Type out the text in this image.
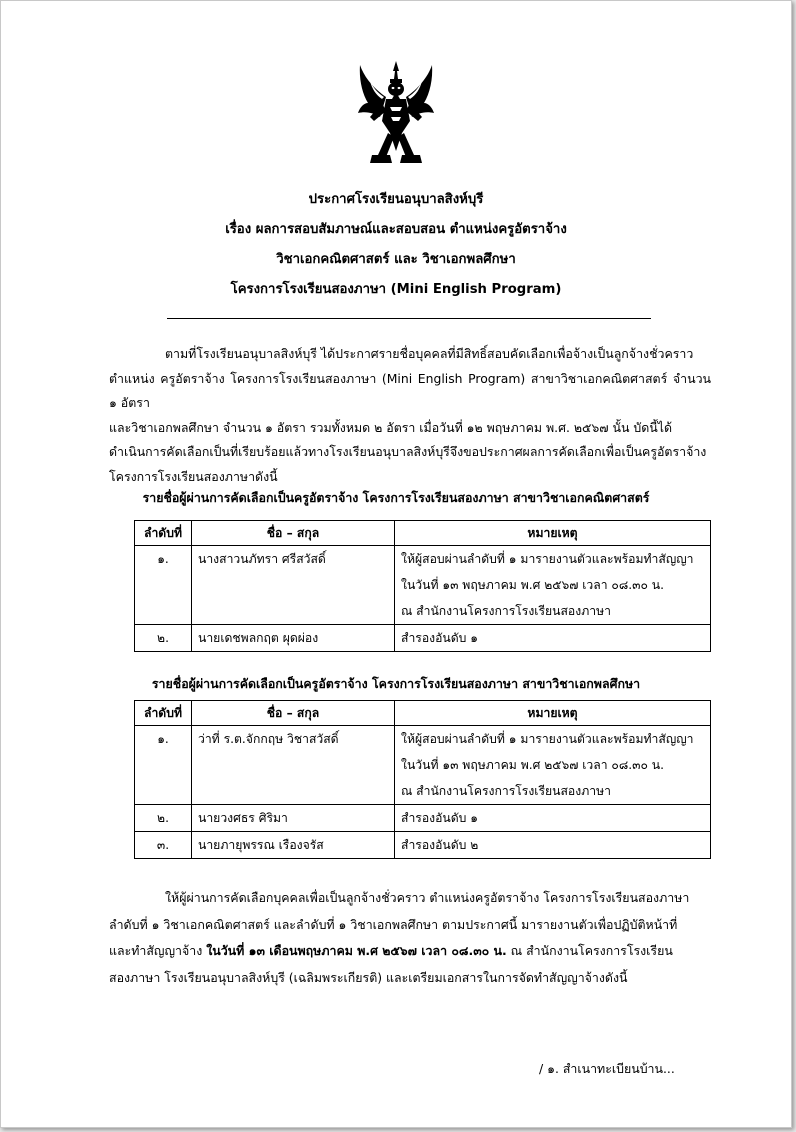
ประกาศโรงเรียนอนุบาลสิงห์บุรี
เรื่อง ผลการสอบสัมภาษณ์และสอบสอน ตำแหน่งครูอัตราจ้าง
วิชาเอกคณิตศาสตร์ และ วิชาเอกพลศึกษา
โครงการโรงเรียนสองภาษา (Mini English Program)
ตามที่โรงเรียนอนุบาลสิงห์บุรี ได้ประกาศรายชื่อบุคคลที่มีสิทธิ์สอบคัดเลือกเพื่อจ้างเป็นลูกจ้างชั่วคราว
ตำแหน่ง ครูอัตราจ้าง โครงการโรงเรียนสองภาษา (Mini English Program) สาขาวิชาเอกคณิตศาสตร์ จำนวน ๑ อัตรา
และวิชาเอกพลศึกษา จำนวน ๑ อัตรา รวมทั้งหมด ๒ อัตรา เมื่อวันที่ ๑๒ พฤษภาคม พ.ศ. ๒๕๖๗ นั้น บัดนี้ได้
ดำเนินการคัดเลือกเป็นที่เรียบร้อยแล้วทางโรงเรียนอนุบาลสิงห์บุรีจึงขอประกาศผลการคัดเลือกเพื่อเป็นครูอัตราจ้าง
โครงการโรงเรียนสองภาษาดังนี้
รายชื่อผู้ผ่านการคัดเลือกเป็นครูอัตราจ้าง โครงการโรงเรียนสองภาษา สาขาวิชาเอกคณิตศาสตร์
ลำดับที่	ชื่อ – สกุล	หมายเหตุ
๑.	นางสาวนภัทรา ศรีสวัสดิ์	ให้ผู้สอบผ่านลำดับที่ ๑ มารายงานตัวและพร้อมทำสัญญา
ในวันที่ ๑๓ พฤษภาคม พ.ศ ๒๕๖๗ เวลา ๐๘.๓๐ น.
ณ สำนักงานโครงการโรงเรียนสองภาษา

๒.	นายเดชพลกฤต ผุดผ่อง	สำรองอันดับ ๑
รายชื่อผู้ผ่านการคัดเลือกเป็นครูอัตราจ้าง โครงการโรงเรียนสองภาษา สาขาวิชาเอกพลศึกษา
ลำดับที่	ชื่อ – สกุล	หมายเหตุ
๑.	ว่าที่ ร.ต.จักกฤษ วิชาสวัสดิ์	ให้ผู้สอบผ่านลำดับที่ ๑ มารายงานตัวและพร้อมทำสัญญา
ในวันที่ ๑๓ พฤษภาคม พ.ศ ๒๕๖๗ เวลา ๐๘.๓๐ น.
ณ สำนักงานโครงการโรงเรียนสองภาษา

๒.	นายวงศธร ศิริมา	สำรองอันดับ ๑
๓.	นายภายุพรรณ เรืองจรัส	สำรองอันดับ ๒
ให้ผู้ผ่านการคัดเลือกบุคคลเพื่อเป็นลูกจ้างชั่วคราว ตำแหน่งครูอัตราจ้าง โครงการโรงเรียนสองภาษา
ลำดับที่ ๑ วิชาเอกคณิตศาสตร์ และลำดับที่ ๑ วิชาเอกพลศึกษา ตามประกาศนี้ มารายงานตัวเพื่อปฏิบัติหน้าที่
และทำสัญญาจ้าง ในวันที่ ๑๓ เดือนพฤษภาคม พ.ศ ๒๕๖๗ เวลา ๐๘.๓๐ น. ณ สำนักงานโครงการโรงเรียน
สองภาษา โรงเรียนอนุบาลสิงห์บุรี (เฉลิมพระเกียรติ) และเตรียมเอกสารในการจัดทำสัญญาจ้างดังนี้
/ ๑. สำเนาทะเบียนบ้าน...
